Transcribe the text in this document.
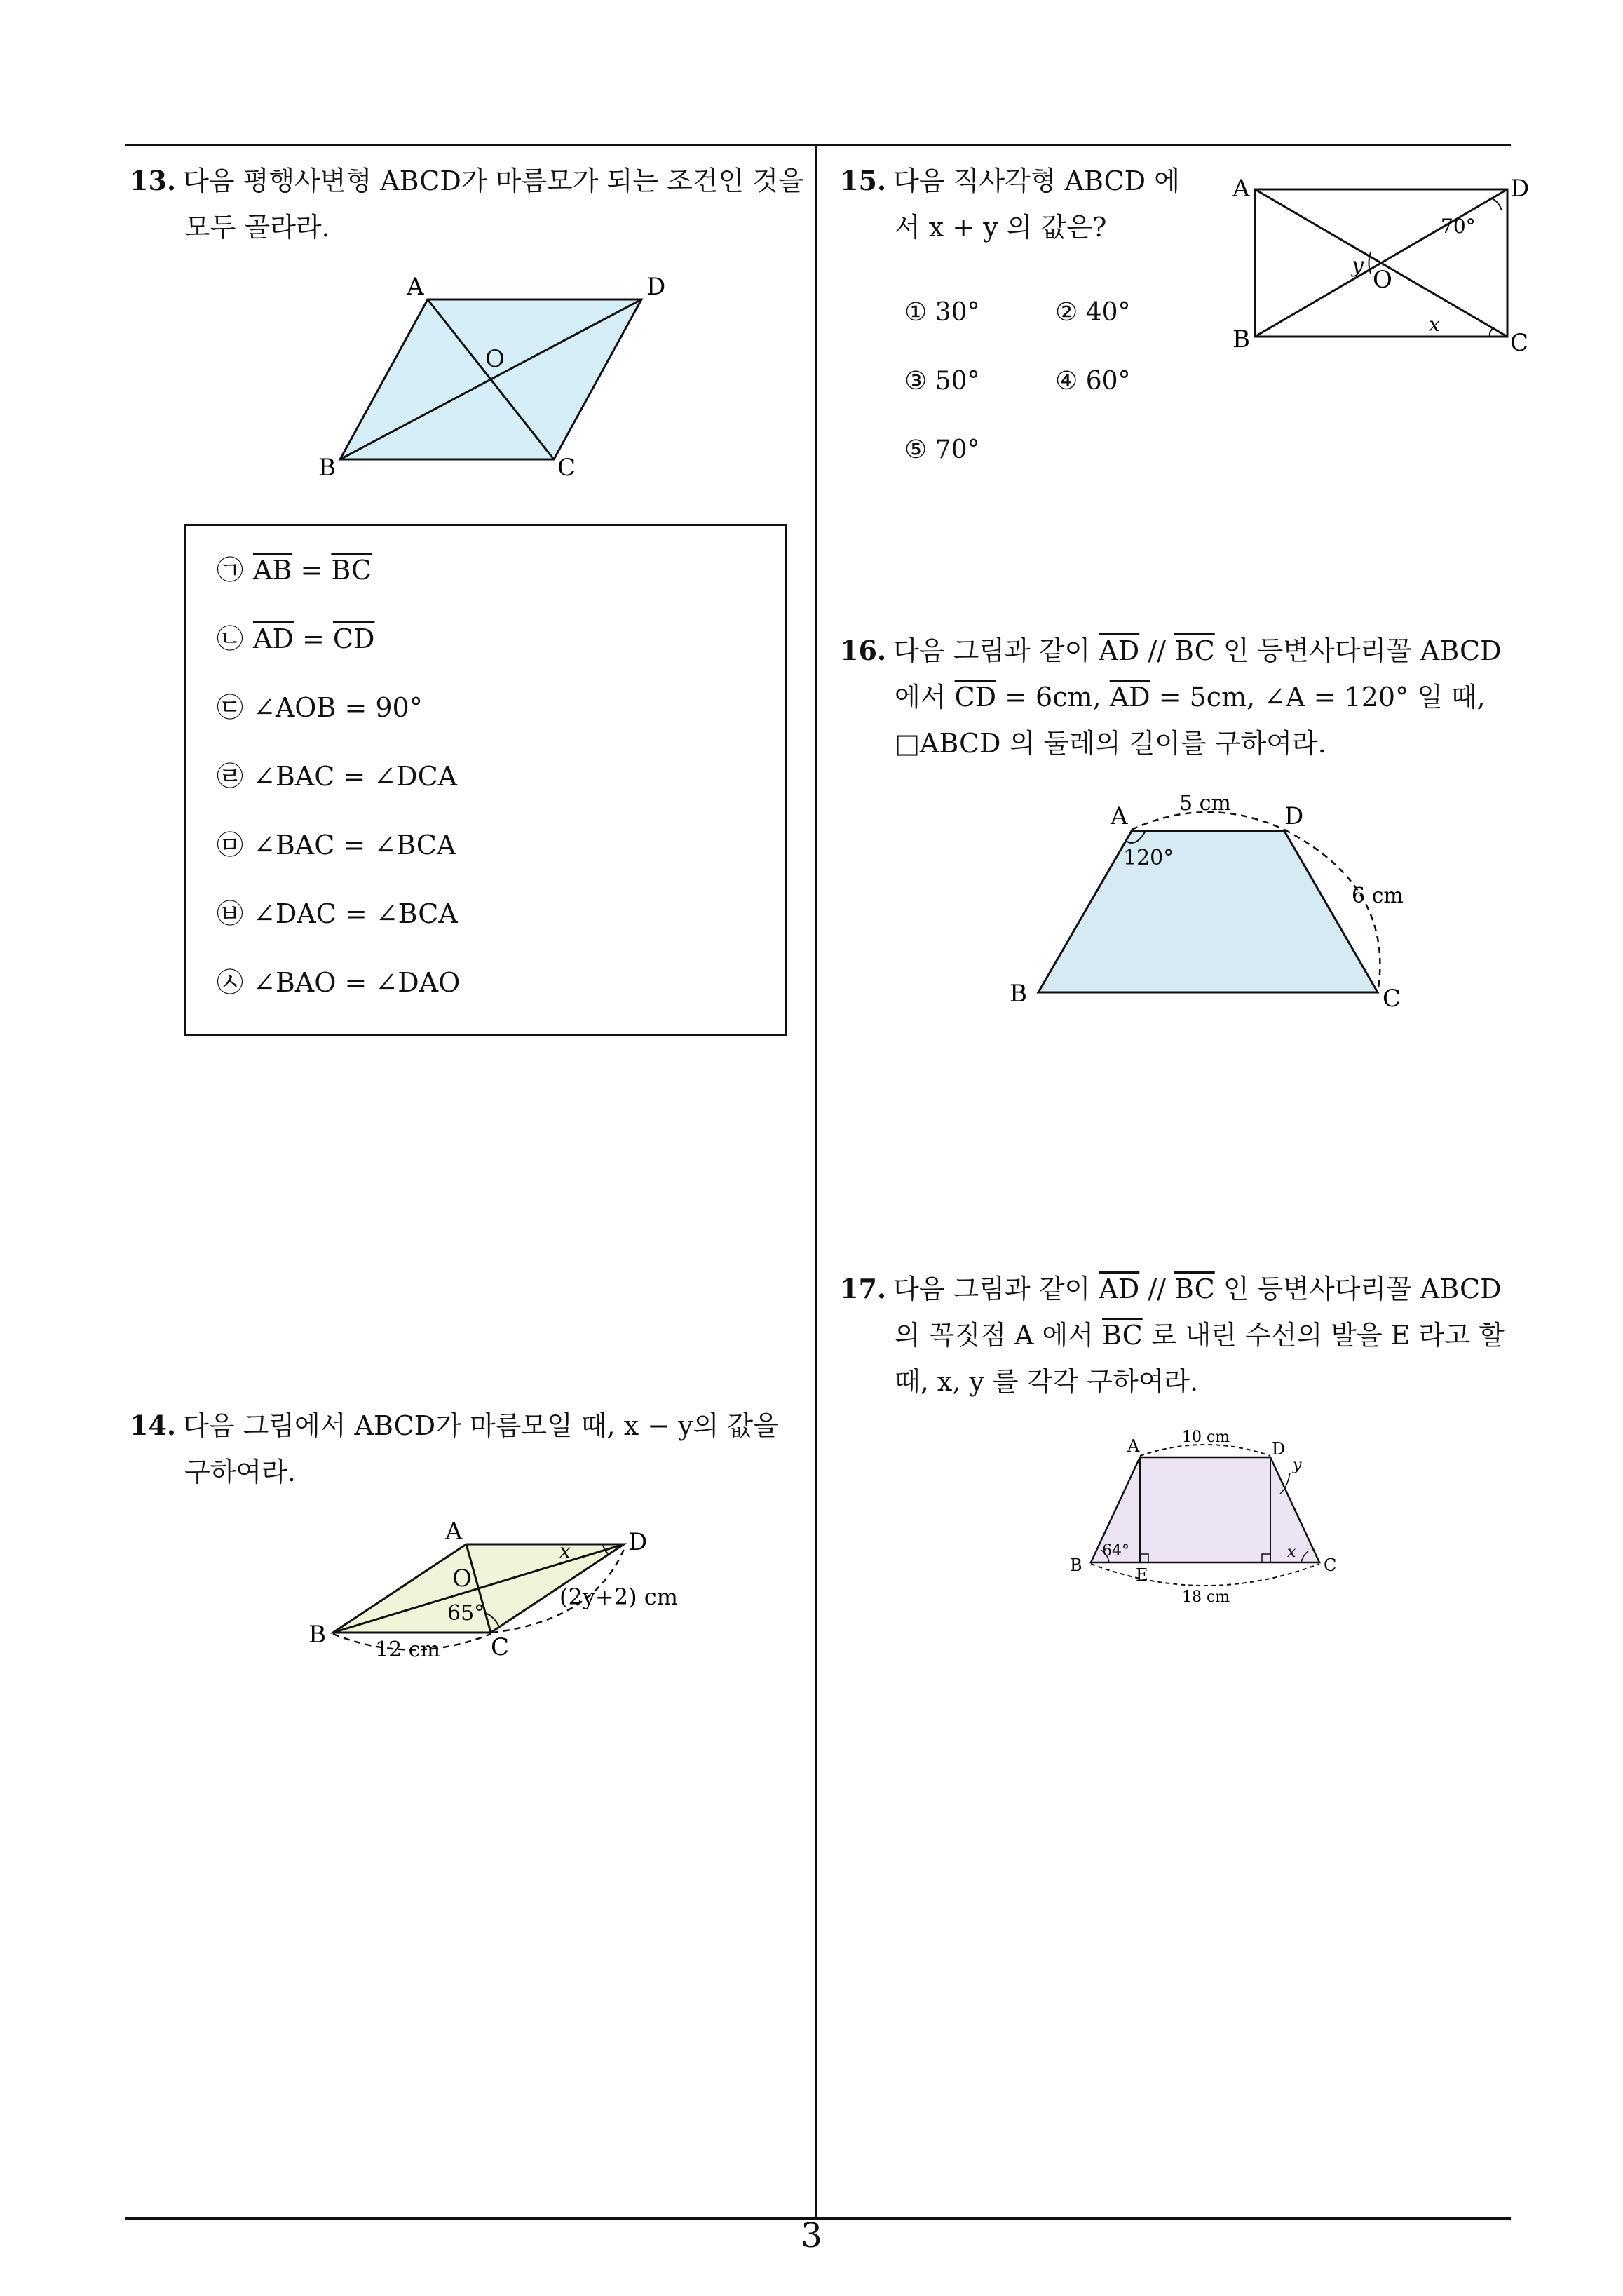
13. 다음 평행사변형 ABCD가 마름모가 되는 조건인 것을
모두 골라라.
A	D
B	C
O
㉠ $\overline{AB} = \overline{BC}$
㉡ $\overline{AD} = \overline{CD}$
㉢ ∠AOB = 90°
㉣ ∠BAC = ∠DCA
㉤ ∠BAC = ∠BCA
㉥ ∠DAC = ∠BCA
㉦ ∠BAO = ∠DAO
14. 다음 그림에서 ABCD가 마름모일 때, x − y의 값을
구하여라.
A	D
B	C
O
x
65°
(2y+2) cm
12 cm
15. 다음 직사각형 ABCD 에
서 x + y 의 값은?
① 30°	② 40°
③ 50°	④ 60°
⑤ 70°
A	D
B	C
O
70°
x
y
16. 다음 그림과 같이 $\overline{AD} // \overline{BC}$ 인 등변사다리꼴 ABCD
에서 $\overline{CD} = 6cm$, $\overline{AD} = 5cm$, ∠A = 120° 일 때,
□ABCD 의 둘레의 길이를 구하여라.
A	D
B	C
5 cm
6 cm
120°
17. 다음 그림과 같이 $\overline{AD} // \overline{BC}$ 인 등변사다리꼴 ABCD
의 꼭짓점 A 에서 $\overline{BC}$ 로 내린 수선의 발을 E 라고 할
때, x, y 를 각각 구하여라.
A	D
B	C
E
10 cm
18 cm
64°	x
y
3
